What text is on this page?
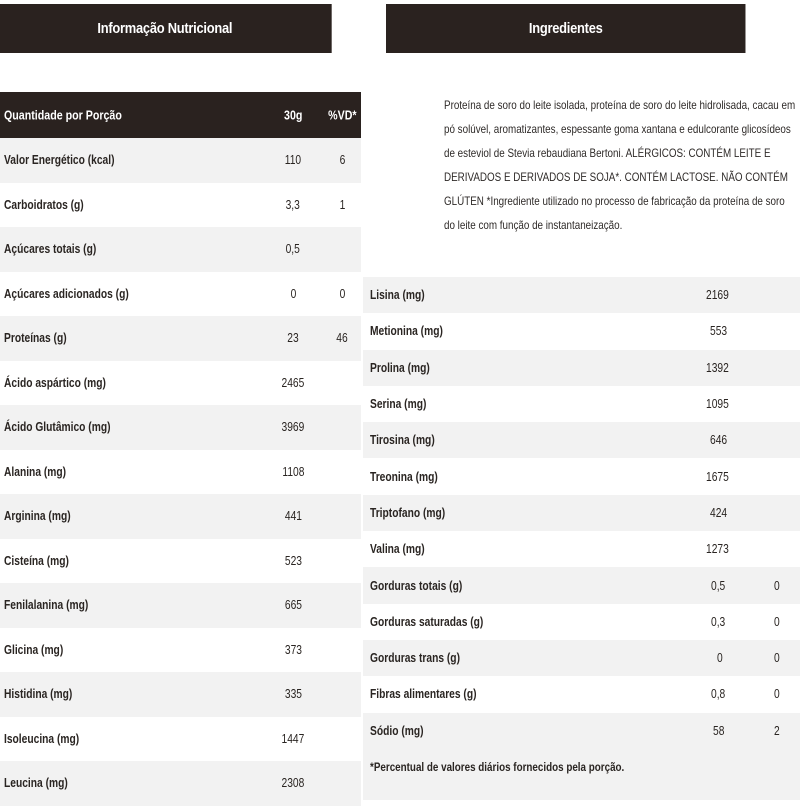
Informação Nutricional	Ingredientes
Quantidade por Porção	30g	%VD*
Valor Energético (kcal)	110	6
Carboidratos (g)	3,3	1
Açúcares totais (g)	0,5
Açúcares adicionados (g)	0	0
Proteínas (g)	23	46
Ácido aspártico (mg)	2465
Ácido Glutâmico (mg)	3969
Alanina (mg)	1108
Arginina (mg)	441
Cisteína (mg)	523
Fenilalanina (mg)	665
Glicina (mg)	373
Histidina (mg)	335
Isoleucina (mg)	1447
Leucina (mg)	2308
Proteína de soro do leite isolada, proteína de soro do leite hidrolisada, cacau em pó solúvel, aromatizantes, espessante goma xantana e edulcorante glicosídeos de esteviol de Stevia rebaudiana Bertoni. ALÉRGICOS: CONTÉM LEITE E DERIVADOS E DERIVADOS DE SOJA*. CONTÉM LACTOSE. NÃO CONTÉM GLÚTEN *Ingrediente utilizado no processo de fabricação da proteína de soro do leite com função de instantaneização.
Lisina (mg)	2169
Metionina (mg)	553
Prolina (mg)	1392
Serina (mg)	1095
Tirosina (mg)	646
Treonina (mg)	1675
Triptofano (mg)	424
Valina (mg)	1273
Gorduras totais (g)	0,5	0
Gorduras saturadas (g)	0,3	0
Gorduras trans (g)	0	0
Fibras alimentares (g)	0,8	0
Sódio (mg)	58	2
*Percentual de valores diários fornecidos pela porção.
